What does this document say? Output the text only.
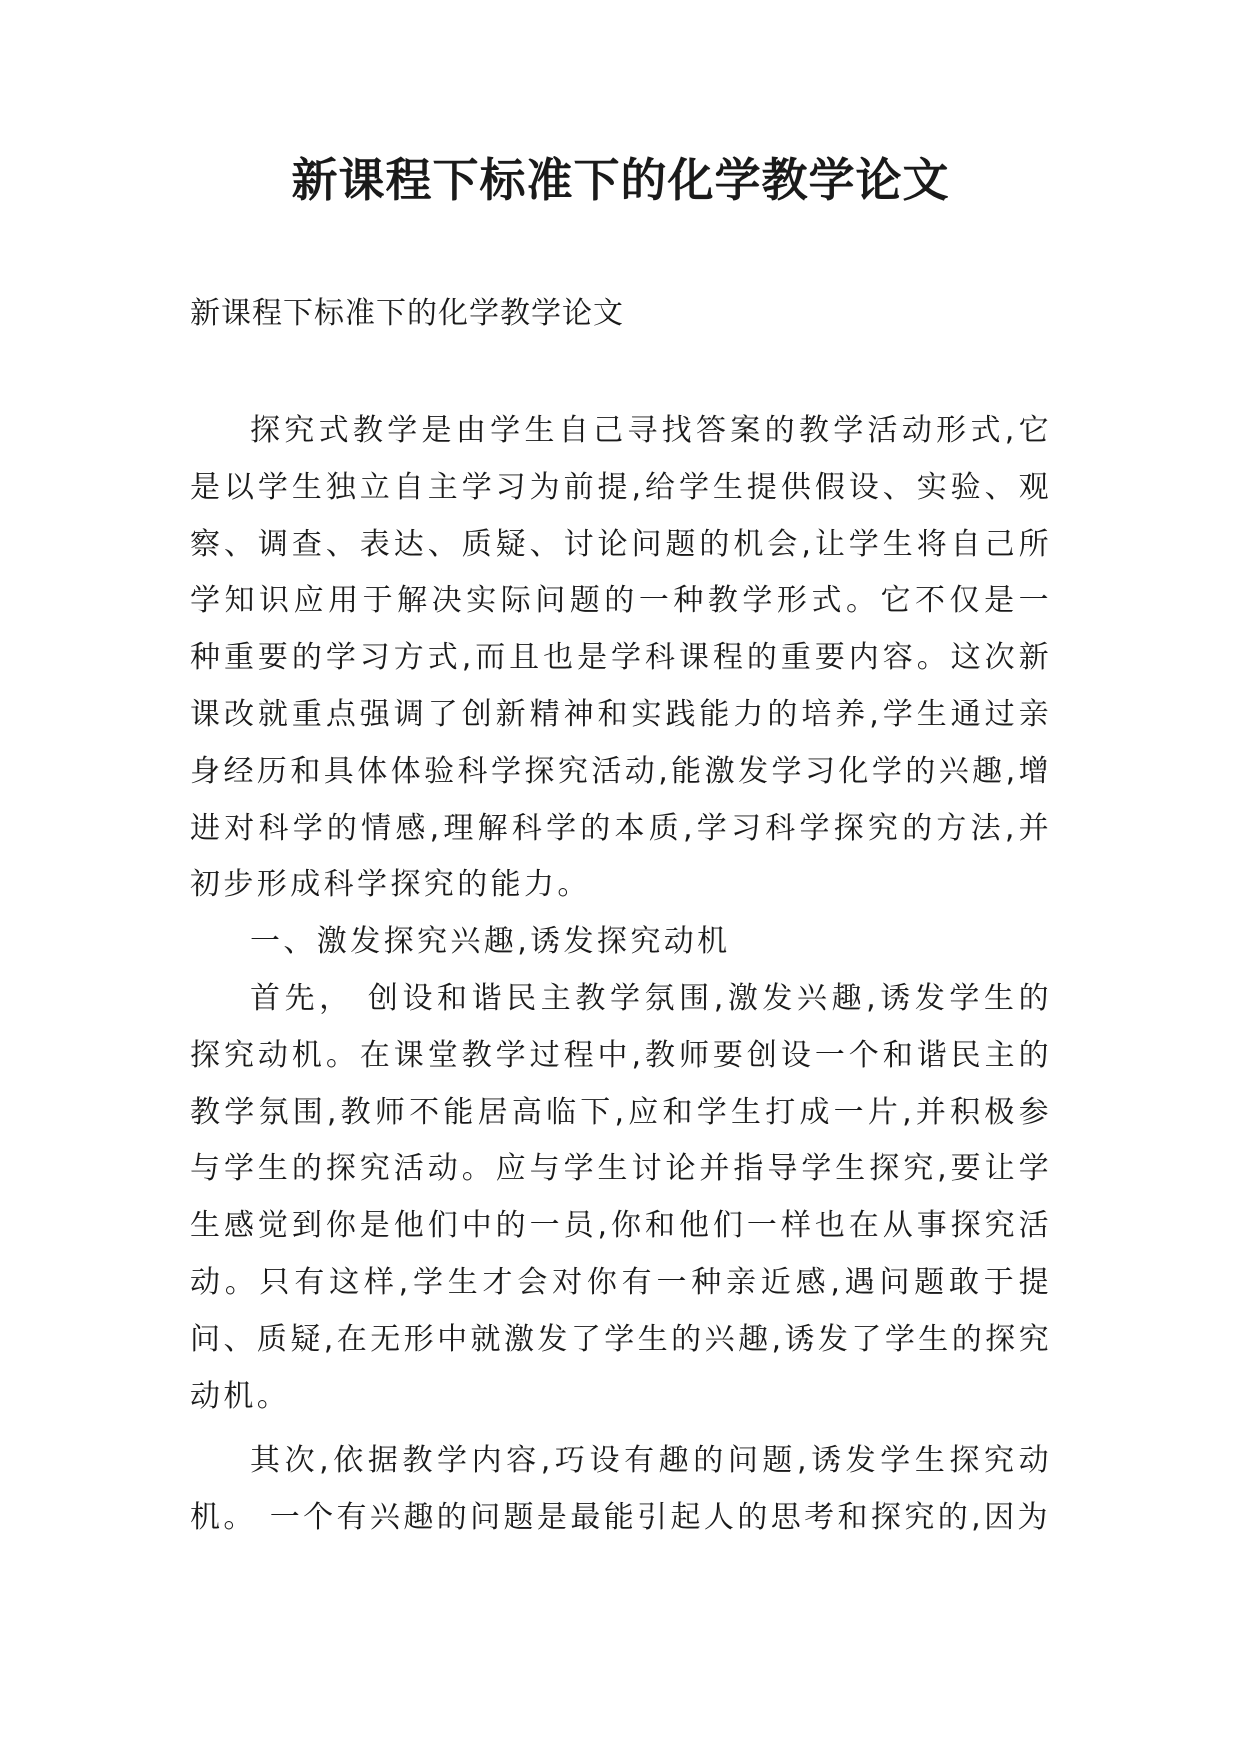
新课程下标准下的化学教学论文
新课程下标准下的化学教学论文

探究式教学是由学生自己寻找答案的教学活动形式,它是以学生独立自主学习为前提,给学生提供假设、实验、观察、调查、表达、质疑、讨论问题的机会,让学生将自己所学知识应用于解决实际问题的一种教学形式。它不仅是一种重要的学习方式,而且也是学科课程的重要内容。这次新课改就重点强调了创新精神和实践能力的培养,学生通过亲身经历和具体体验科学探究活动,能激发学习化学的兴趣,增进对科学的情感,理解科学的本质,学习科学探究的方法,并初步形成科学探究的能力。

一、激发探究兴趣,诱发探究动机

首先， 创设和谐民主教学氛围,激发兴趣,诱发学生的探究动机。在课堂教学过程中,教师要创设一个和谐民主的教学氛围,教师不能居高临下,应和学生打成一片,并积极参与学生的探究活动。应与学生讨论并指导学生探究,要让学生感觉到你是他们中的一员,你和他们一样也在从事探究活动。只有这样,学生才会对你有一种亲近感,遇问题敢于提问、质疑,在无形中就激发了学生的兴趣,诱发了学生的探究动机。

其次,依据教学内容,巧设有趣的问题,诱发学生探究动机。 一个有兴趣的问题是最能引起人的思考和探究的,因为
